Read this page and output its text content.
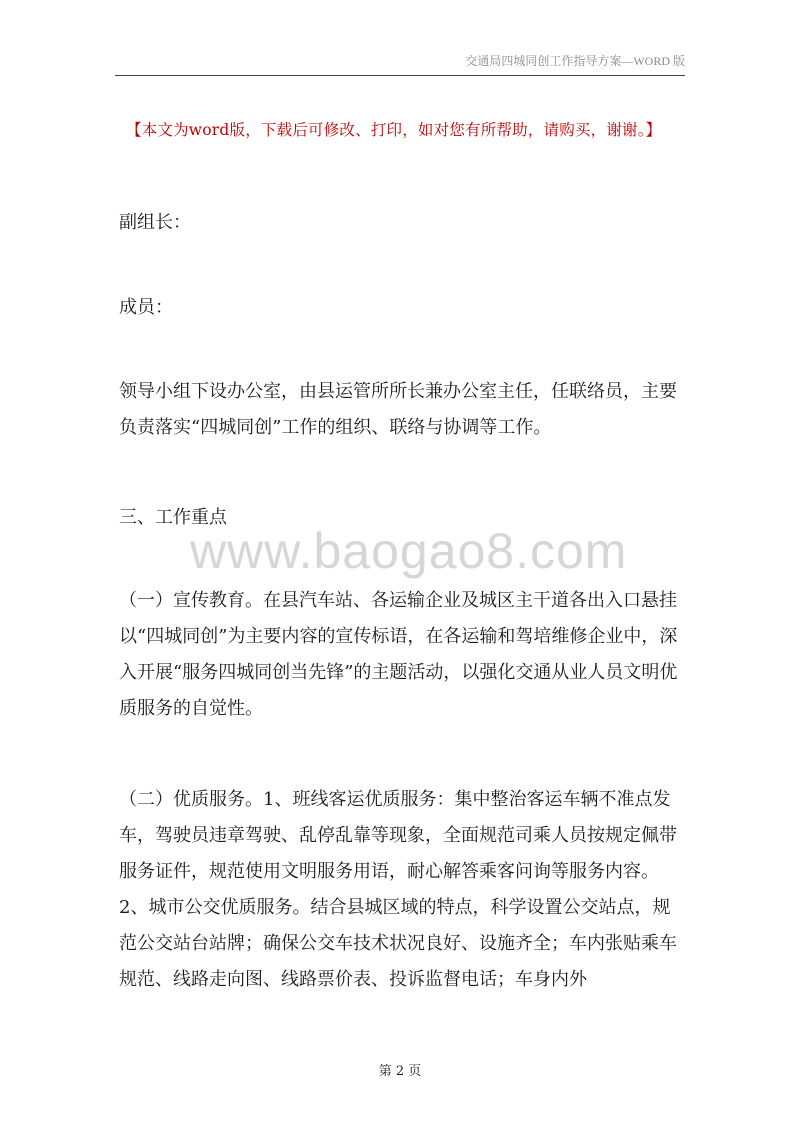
交通局四城同创工作指导方案—WORD 版
【本文为word版，下载后可修改、打印，如对您有所帮助，请购买，谢谢。】

副组长：

成员：

领导小组下设办公室，由县运管所所长兼办公室主任，任联络员，主要负责落实“四城同创”工作的组织、联络与协调等工作。

三、工作重点

www.baogao8.com

（一）宣传教育。在县汽车站、各运输企业及城区主干道各出入口悬挂以“四城同创”为主要内容的宣传标语，在各运输和驾培维修企业中，深入开展“服务四城同创当先锋”的主题活动，以强化交通从业人员文明优质服务的自觉性。

（二）优质服务。1、班线客运优质服务：集中整治客运车辆不准点发车，驾驶员违章驾驶、乱停乱靠等现象，全面规范司乘人员按规定佩带服务证件，规范使用文明服务用语，耐心解答乘客问询等服务内容。2、城市公交优质服务。结合县城区域的特点，科学设置公交站点，规范公交站台站牌；确保公交车技术状况良好、设施齐全；车内张贴乘车规范、线路走向图、线路票价表、投诉监督电话；车身内外

第 2 页
